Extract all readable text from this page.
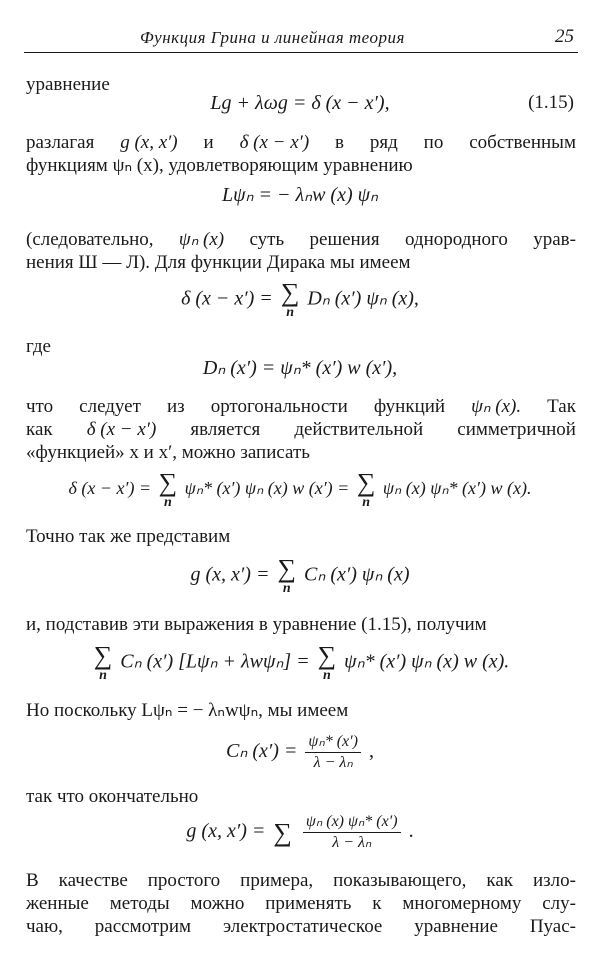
Функция Грина и линейная теория	25
уравнение
Lg + λωg = δ (x − x′),	(1.15)
разлагая g (x, x′) и δ (x − x′) в ряд по собственным
функциям ψₙ (x), удовлетворяющим уравнению
Lψₙ = − λₙw (x) ψₙ
(следовательно, ψₙ (x) суть решения однородного урав-
нения Ш — Л). Для функции Дирака мы имеем
δ (x − x′) = ∑
n
Dₙ (x′) ψₙ (x),
где
Dₙ (x′) = ψₙ* (x′) w (x′),
что следует из ортогональности функций ψₙ (x). Так
как δ (x − x′) является действительной симметричной
«функцией» x и x′, можно записать
δ (x − x′) = ∑
n
ψₙ* (x′) ψₙ (x) w (x′) = ∑
n
ψₙ (x) ψₙ* (x′) w (x).
Точно так же представим
g (x, x′) = ∑
n
Cₙ (x′) ψₙ (x)
и, подставив эти выражения в уравнение (1.15), получим
∑
n
Cₙ (x′) [Lψₙ + λwψₙ] = ∑
n
ψₙ* (x′) ψₙ (x) w (x).
Но поскольку Lψₙ = − λₙwψₙ, мы имеем
Cₙ $(x') = \frac{\text{ψₙ* (x′)}}{\text{λ − λₙ}}$ ,
так что окончательно
g (x, x′) = ∑
$\frac{\text{ψₙ (x) ψₙ* (x′)}}{\text{λ − λₙ}}$ .
В качестве простого примера, показывающего, как изло-
женные методы можно применять к многомерному слу-
чаю, рассмотрим электростатическое уравнение Пуас-
